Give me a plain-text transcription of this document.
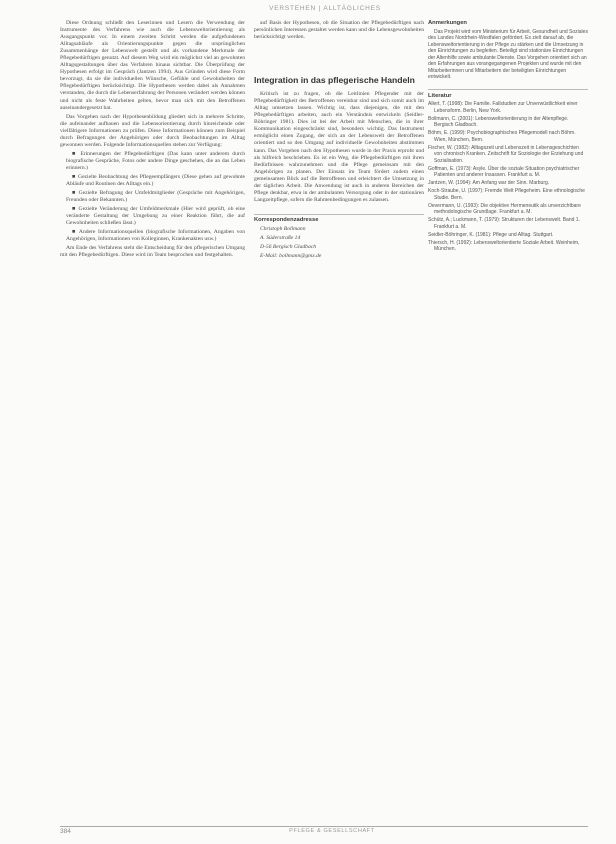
VERSTEHEN | ALLTÄGLICHES

Diese Ordnung schließt den Leserinnen und Lesern die Verwendung der Instrumente des Verfahrens wie auch die Lebensweltorientierung als Ausgangspunkt vor. In einem zweiten Schritt werden die aufgefundenen Alltagsabläufe als Orientierungspunkte gegen die ursprünglichen Zusammenhänge der Lebenswelt gestellt und als vorhandene Merkmale der Pflegebedürftigen genutzt. Auf diesem Weg wird ein möglichst viel an gewohnten Alltagsgestaltungen über das Verfahren hinaus sichtbar. Die Überprüfung der Hypothesen erfolgt im Gespräch (Jantzen 1994). Aus Gründen wird diese Form bevorzugt, da sie die individuellen Wünsche, Gefühle und Gewohnheiten der Pflegebedürftigen berücksichtigt. Die Hypothesen werden dabei als Annahmen verstanden, die durch die Lebenserfahrung der Personen verändert werden können und nicht als feste Wahrheiten gelten, bevor man sich mit den Betroffenen auseinandergesetzt hat.

Das Vorgehen nach der Hypothesenbildung gliedert sich in mehrere Schritte, die aufeinander aufbauen und die Lebensorientierung durch hinreichende oder vielfältigere Informationen zu prüfen. Diese Informationen können zum Beispiel durch Befragungen der Angehörigen oder durch Beobachtungen im Alltag gewonnen werden. Folgende Informationsquellen stehen zur Verfügung:

■ Erinnerungen der Pflegebedürftigen (Das kann unter anderem durch biografische Gespräche, Fotos oder andere Dinge geschehen, die an das Leben erinnern.)

■ Gezielte Beobachtung des Pflegeempfängers (Diese gehen auf gewohnte Abläufe und Routinen des Alltags ein.)

■ Gezielte Befragung der Umfeldmitglieder (Gespräche mit Angehörigen, Freunden oder Bekannten.)

■ Gezielte Veränderung der Umfeldmerkmale (Hier wird geprüft, ob eine veränderte Gestaltung der Umgebung zu einer Reaktion führt, die auf Gewohnheiten schließen lässt.)

■ Andere Informationsquellen (biografische Informationen, Angaben von Angehörigen, Informationen von Kolleginnen, Krankenakten usw.)

Am Ende des Verfahrens steht die Entscheidung für den pflegerischen Umgang mit den Pflegebedürftigen. Diese wird im Team besprochen und festgehalten.

auf Basis der Hypothesen, ob die Situation der Pflegebedürftigen nach persönlichen Interessen gestaltet werden kann und die Lebensgewohnheiten berücksichtigt werden.

Integration in das pflegerische Handeln

Kritisch ist zu fragen, ob die Leitlinien Pflegender mit der Pflegebedürftigkeit des Betroffenen vereinbar sind und sich somit auch im Alltag umsetzen lassen. Wichtig ist, dass diejenigen, die mit den Pflegebedürftigen arbeiten, auch ein Verständnis entwickeln (Seidler-Böhringer 1981). Dies ist bei der Arbeit mit Menschen, die in ihrer Kommunikation eingeschränkt sind, besonders wichtig. Das Instrument ermöglicht einen Zugang, der sich an der Lebenswelt der Betroffenen orientiert und so den Umgang auf individuelle Gewohnheiten abstimmen kann. Das Vorgehen nach den Hypothesen wurde in der Praxis erprobt und als hilfreich beschrieben. Es ist ein Weg, die Pflegebedürftigen mit ihren Bedürfnissen wahrzunehmen und die Pflege gemeinsam mit den Angehörigen zu planen. Der Einsatz im Team fördert zudem einen gemeinsamen Blick auf die Betroffenen und erleichtert die Umsetzung in der täglichen Arbeit. Die Anwendung ist auch in anderen Bereichen der Pflege denkbar, etwa in der ambulanten Versorgung oder in der stationären Langzeitpflege, sofern die Rahmenbedingungen es zulassen.

Korrespondenzadresse

Christoph Bollmann

A. Süderstraße 14

D-56 Bergisch Gladbach

E-Mail: bollmann@gmx.de

Anmerkungen

Das Projekt wird vom Ministerium für Arbeit, Gesundheit und Soziales des Landes Nordrhein-Westfalen gefördert. Es zielt darauf ab, die Lebensweltorientierung in der Pflege zu stärken und die Umsetzung in den Einrichtungen zu begleiten. Beteiligt sind stationäre Einrichtungen der Altenhilfe sowie ambulante Dienste. Das Vorgehen orientiert sich an den Erfahrungen aus vorangegangenen Projekten und wurde mit den Mitarbeiterinnen und Mitarbeitern der beteiligten Einrichtungen entwickelt.

Literatur

Allert, T. (1998): Die Familie. Fallstudien zur Unverwüstlichkeit einer Lebensform. Berlin, New York.

Bollmann, C. (2001): Lebensweltorientierung in der Altenpflege. Bergisch Gladbach.

Böhm, E. (1999): Psychobiographisches Pflegemodell nach Böhm. Wien, München, Bern.

Fischer, W. (1982): Alltagszeit und Lebenszeit in Lebensgeschichten von chronisch Kranken. Zeitschrift für Soziologie der Erziehung und Sozialisation.

Goffman, E. (1973): Asyle. Über die soziale Situation psychiatrischer Patienten und anderer Insassen. Frankfurt a. M.

Jantzen, W. (1994): Am Anfang war der Sinn. Marburg.

Koch-Straube, U. (1997): Fremde Welt Pflegeheim. Eine ethnologische Studie. Bern.

Oevermann, U. (1993): Die objektive Hermeneutik als unverzichtbare methodologische Grundlage. Frankfurt a. M.

Schütz, A.; Luckmann, T. (1979): Strukturen der Lebenswelt. Band 1. Frankfurt a. M.

Seidler-Böhringer, K. (1981): Pflege und Alltag. Stuttgart.

Thiersch, H. (1992): Lebensweltorientierte Soziale Arbeit. Weinheim, München.

384	PFLEGE & GESELLSCHAFT
